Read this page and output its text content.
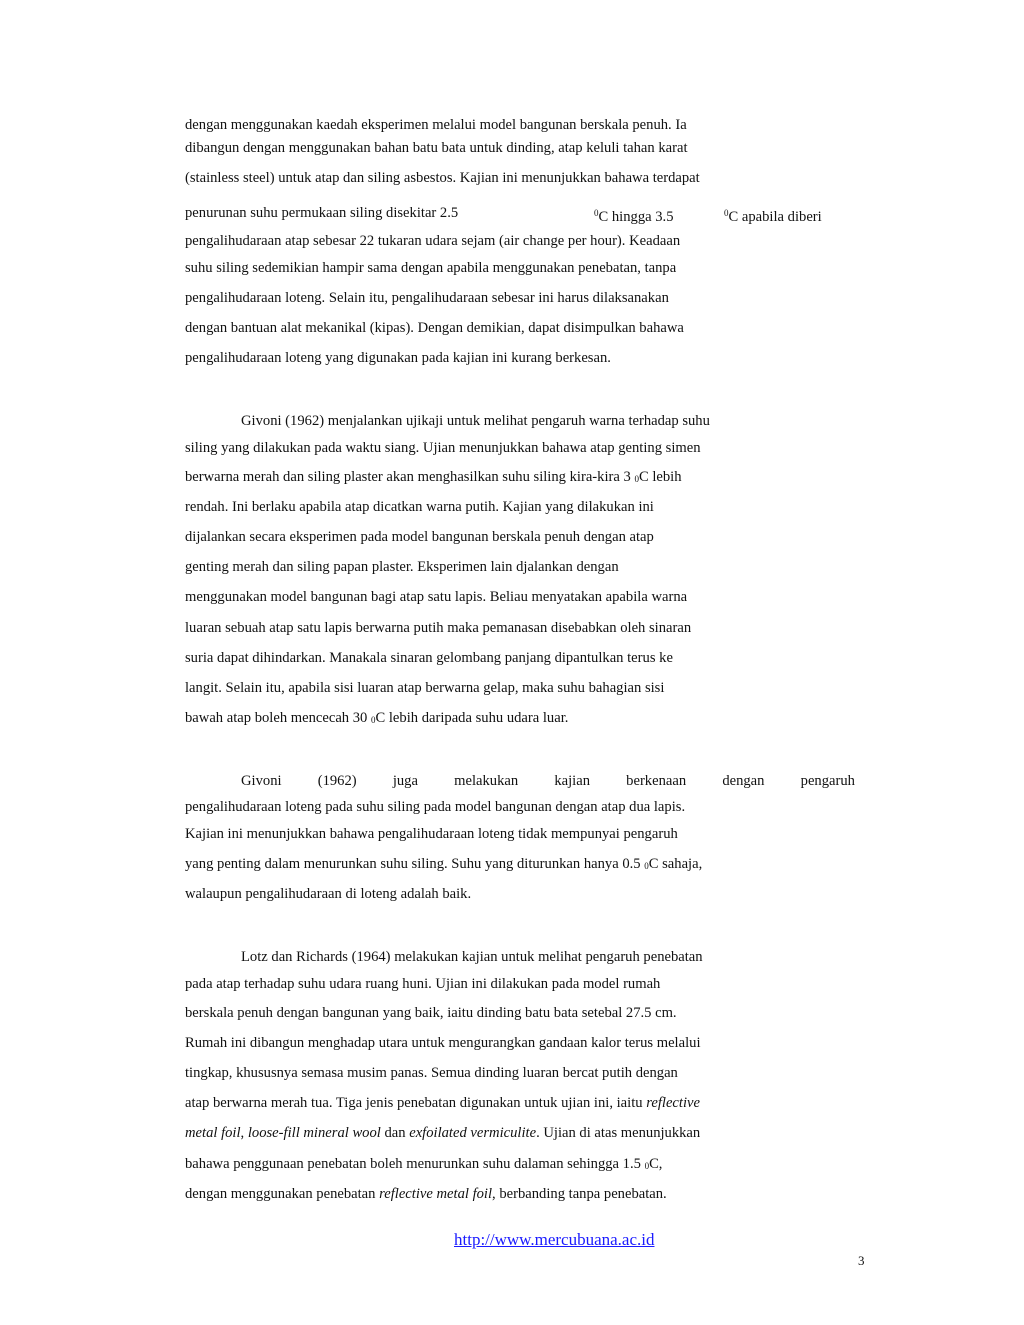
dengan menggunakan kaedah eksperimen melalui model bangunan berskala penuh. Ia
dibangun dengan menggunakan bahan batu bata untuk dinding, atap keluli tahan karat
(stainless steel) untuk atap dan siling asbestos. Kajian ini menunjukkan bahawa terdapat
penurunan suhu permukaan siling disekitar 2.5	$^0$C hingga 3.5	$^0$C apabila diberi
pengalihudaraan atap sebesar 22 tukaran udara sejam (air change per hour). Keadaan
suhu siling sedemikian hampir sama dengan apabila menggunakan penebatan, tanpa
pengalihudaraan loteng. Selain itu, pengalihudaraan sebesar ini harus dilaksanakan
dengan bantuan alat mekanikal (kipas). Dengan demikian, dapat disimpulkan bahawa
pengalihudaraan loteng yang digunakan pada kajian ini kurang berkesan.
Givoni (1962) menjalankan ujikaji untuk melihat pengaruh warna terhadap suhu
siling yang dilakukan pada waktu siang. Ujian menunjukkan bahawa atap genting simen
berwarna merah dan siling plaster akan menghasilkan suhu siling kira-kira 3 0C lebih
rendah. Ini berlaku apabila atap dicatkan warna putih. Kajian yang dilakukan ini
dijalankan secara eksperimen pada model bangunan berskala penuh dengan atap
genting merah dan siling papan plaster. Eksperimen lain djalankan dengan
menggunakan model bangunan bagi atap satu lapis. Beliau menyatakan apabila warna
luaran sebuah atap satu lapis berwarna putih maka pemanasan disebabkan oleh sinaran
suria dapat dihindarkan. Manakala sinaran gelombang panjang dipantulkan terus ke
langit. Selain itu, apabila sisi luaran atap berwarna gelap, maka suhu bahagian sisi
bawah atap boleh mencecah 30 0C lebih daripada suhu udara luar.
Givoni (1962) juga melakukan kajian berkenaan dengan pengaruh
pengalihudaraan loteng pada suhu siling pada model bangunan dengan atap dua lapis.
Kajian ini menunjukkan bahawa pengalihudaraan loteng tidak mempunyai pengaruh
yang penting dalam menurunkan suhu siling. Suhu yang diturunkan hanya 0.5 0C sahaja,
walaupun pengalihudaraan di loteng adalah baik.
Lotz dan Richards (1964) melakukan kajian untuk melihat pengaruh penebatan
pada atap terhadap suhu udara ruang huni. Ujian ini dilakukan pada model rumah
berskala penuh dengan bangunan yang baik, iaitu dinding batu bata setebal 27.5 cm.
Rumah ini dibangun menghadap utara untuk mengurangkan gandaan kalor terus melalui
tingkap, khususnya semasa musim panas. Semua dinding luaran bercat putih dengan
atap berwarna merah tua. Tiga jenis penebatan digunakan untuk ujian ini, iaitu reflective
metal foil, loose-fill mineral wool dan exfoilated vermiculite. Ujian di atas menunjukkan
bahawa penggunaan penebatan boleh menurunkan suhu dalaman sehingga 1.5 0C,
dengan menggunakan penebatan reflective metal foil, berbanding tanpa penebatan.
http://www.mercubuana.ac.id
3
